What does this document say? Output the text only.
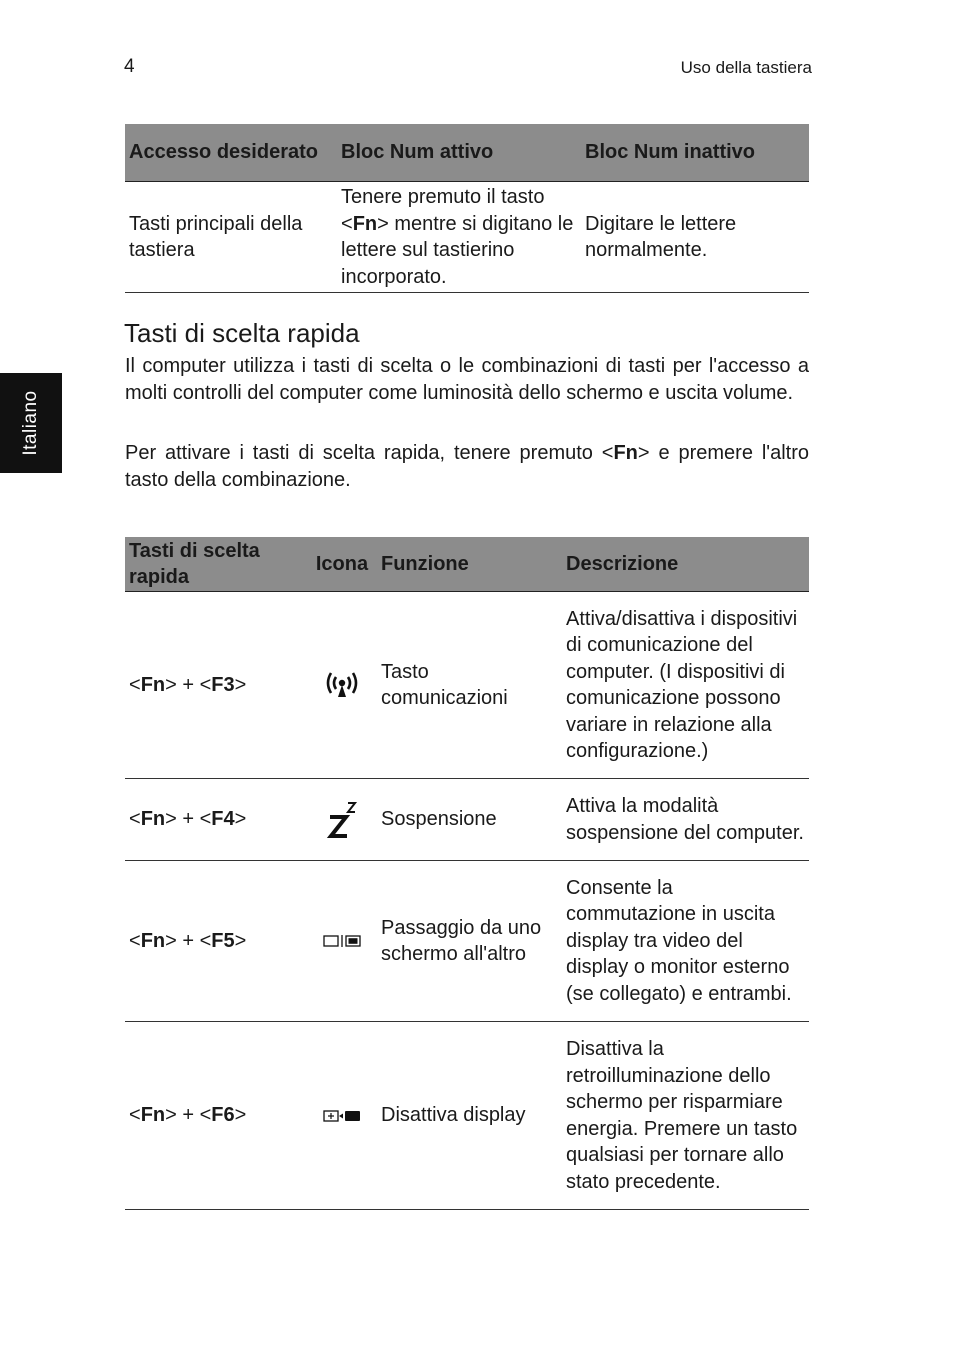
4	Uso della tastiera
Italiano
Accesso desiderato	Bloc Num attivo	Bloc Num inattivo
Tasti principali della tastiera	Tenere premuto il tasto <Fn> mentre si digitano le lettere sul tastierino incorporato.	Digitare le lettere normalmente.
Tasti di scelta rapida

Il computer utilizza i tasti di scelta o le combinazioni di tasti per l'accesso a molti controlli del computer come luminosità dello schermo e uscita volume.

Per attivare i tasti di scelta rapida, tenere premuto <Fn> e premere l'altro tasto della combinazione.

Tasti di scelta rapida	Icona	Funzione	Descrizione
<Fn> + <F3>		Tasto comunicazioni	Attiva/disattiva i dispositivi di comunicazione del computer. (I dispositivi di comunicazione possono variare in relazione alla configurazione.)
<Fn> + <F4>		Sospensione	Attiva la modalità sospensione del computer.
<Fn> + <F5>		Passaggio da uno schermo all'altro	Consente la commutazione in uscita display tra video del display o monitor esterno (se collegato) e entrambi.
<Fn> + <F6>		Disattiva display	Disattiva la retroilluminazione dello schermo per risparmiare energia. Premere un tasto qualsiasi per tornare allo stato precedente.
